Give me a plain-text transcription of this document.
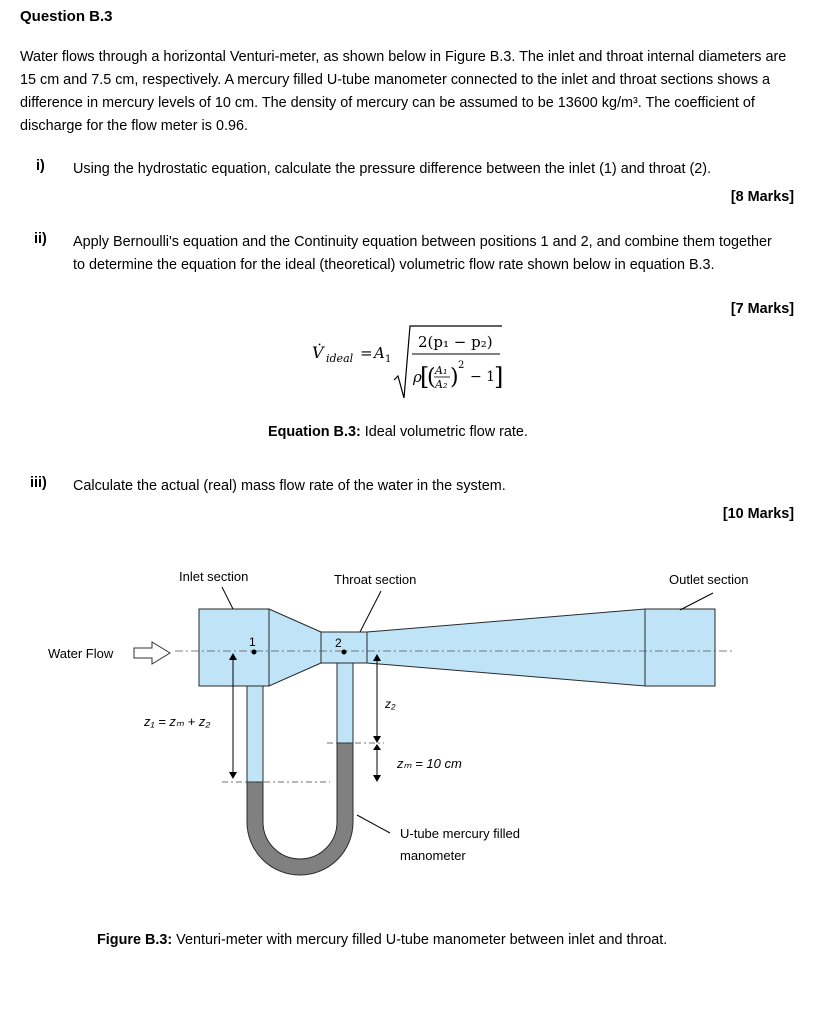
Question B.3
Water flows through a horizontal Venturi-meter, as shown below in Figure B.3. The inlet and throat internal diameters are 15 cm and 7.5 cm, respectively. A mercury filled U-tube manometer connected to the inlet and throat sections shows a difference in mercury levels of 10 cm. The density of mercury can be assumed to be 13600 kg/m³. The coefficient of discharge for the flow meter is 0.96.
i) Using the hydrostatic equation, calculate the pressure difference between the inlet (1) and throat (2).
[8 Marks]
ii) Apply Bernoulli's equation and the Continuity equation between positions 1 and 2, and combine them together to determine the equation for the ideal (theoretical) volumetric flow rate shown below in equation B.3.
[7 Marks]
V̇ ideal = A 1
2(p₁ − p₂)
ρ
[
( A₁
A₂ ) 2
− 1
]
Equation B.3: Ideal volumetric flow rate.
iii) Calculate the actual (real) mass flow rate of the water in the system.
[10 Marks]
1	2
Water Flow
Inlet section	Throat section	Outlet section
z₁ = zₘ + z₂
z₂
zₘ = 10 cm
U-tube mercury filled
manometer
Figure B.3: Venturi-meter with mercury filled U-tube manometer between inlet and throat.
